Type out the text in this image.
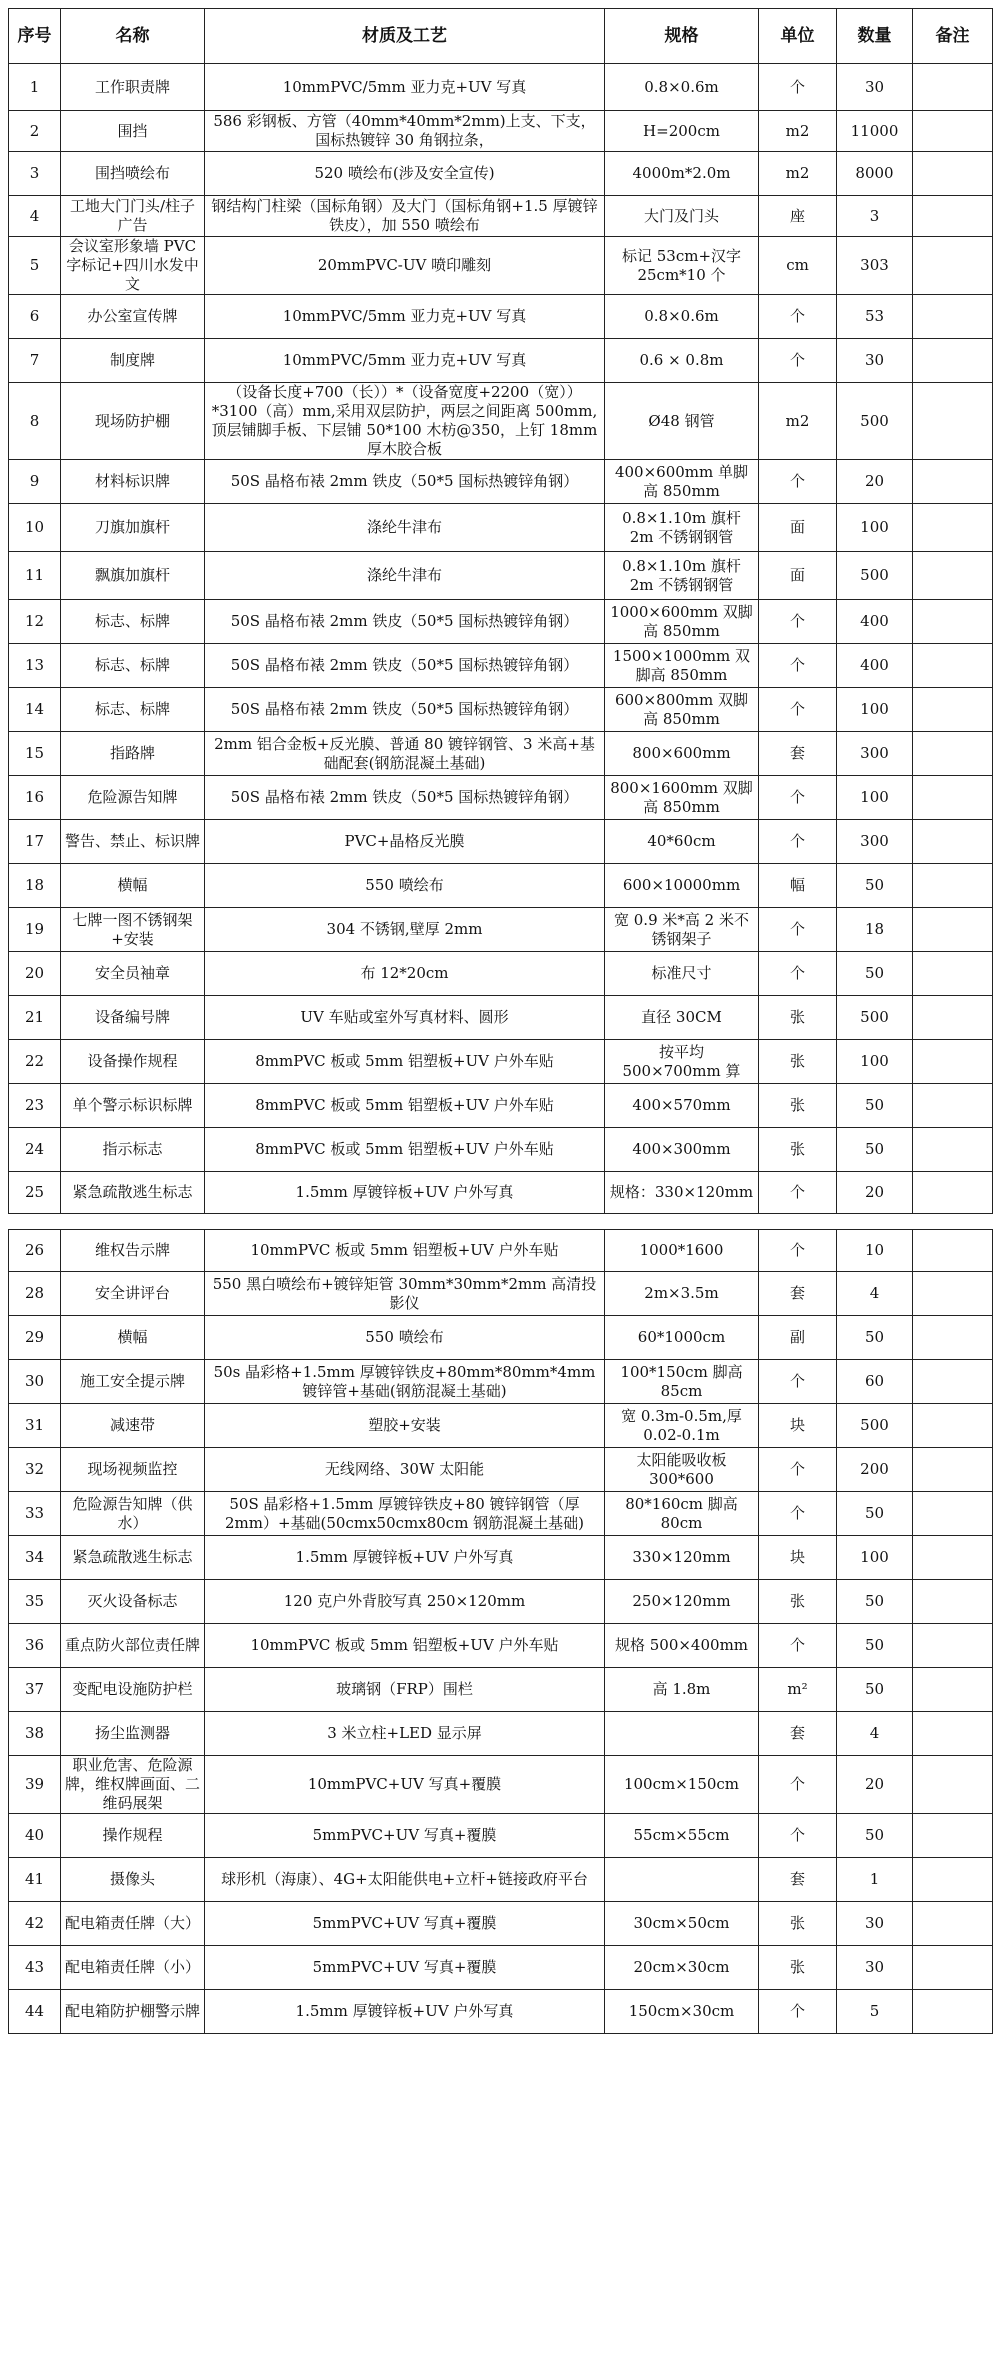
序号	名称	材质及工艺	规格	单位	数量	备注
1	工作职责牌	10mmPVC/5mm 亚力克+UV 写真	0.8×0.6m	个	30	
2	围挡	586 彩钢板、方管（40mm*40mm*2mm)上支、下支，国标热镀锌 30 角钢拉条，	H=200cm	m2	11000	
3	围挡喷绘布	520 喷绘布(涉及安全宣传)	4000m*2.0m	m2	8000	
4	工地大门门头/柱子广告	钢结构门柱梁（国标角钢）及大门（国标角钢+1.5 厚镀锌铁皮），加 550 喷绘布	大门及门头	座	3	
5	会议室形象墙 PVC 字标记+四川水发中文	20mmPVC-UV 喷印雕刻	标记 53cm+汉字 25cm*10 个	cm	303	
6	办公室宣传牌	10mmPVC/5mm 亚力克+UV 写真	0.8×0.6m	个	53	
7	制度牌	10mmPVC/5mm 亚力克+UV 写真	0.6 × 0.8m	个	30	
8	现场防护棚	（设备长度+700（长））*（设备宽度+2200（宽））*3100（高）mm,采用双层防护，两层之间距离 500mm,顶层铺脚手板、下层铺 50*100 木枋@350，上钉 18mm 厚木胶合板	Ø48 钢管	m2	500	
9	材料标识牌	50S 晶格布裱 2mm 铁皮（50*5 国标热镀锌角钢）	400×600mm 单脚高 850mm	个	20	
10	刀旗加旗杆	涤纶牛津布	0.8×1.10m 旗杆 2m 不锈钢钢管	面	100	
11	飘旗加旗杆	涤纶牛津布	0.8×1.10m 旗杆 2m 不锈钢钢管	面	500	
12	标志、标牌	50S 晶格布裱 2mm 铁皮（50*5 国标热镀锌角钢）	1000×600mm 双脚高 850mm	个	400	
13	标志、标牌	50S 晶格布裱 2mm 铁皮（50*5 国标热镀锌角钢）	1500×1000mm 双脚高 850mm	个	400	
14	标志、标牌	50S 晶格布裱 2mm 铁皮（50*5 国标热镀锌角钢）	600×800mm 双脚高 850mm	个	100	
15	指路牌	2mm 铝合金板+反光膜、普通 80 镀锌钢管、3 米高+基础配套(钢筋混凝土基础)	800×600mm	套	300	
16	危险源告知牌	50S 晶格布裱 2mm 铁皮（50*5 国标热镀锌角钢）	800×1600mm 双脚高 850mm	个	100	
17	警告、禁止、标识牌	PVC+晶格反光膜	40*60cm	个	300	
18	横幅	550 喷绘布	600×10000mm	幅	50	
19	七牌一图不锈钢架+安装	304 不锈钢,壁厚 2mm	宽 0.9 米*高 2 米不锈钢架子	个	18	
20	安全员袖章	布 12*20cm	标准尺寸	个	50	
21	设备编号牌	UV 车贴或室外写真材料、圆形	直径 30CM	张	500	
22	设备操作规程	8mmPVC 板或 5mm 铝塑板+UV 户外车贴	按平均 500×700mm 算	张	100	
23	单个警示标识标牌	8mmPVC 板或 5mm 铝塑板+UV 户外车贴	400×570mm	张	50	
24	指示标志	8mmPVC 板或 5mm 铝塑板+UV 户外车贴	400×300mm	张	50	
25	紧急疏散逃生标志	1.5mm 厚镀锌板+UV 户外写真	规格：330×120mm	个	20	
26	维权告示牌	10mmPVC 板或 5mm 铝塑板+UV 户外车贴	1000*1600	个	10	
28	安全讲评台	550 黑白喷绘布+镀锌矩管 30mm*30mm*2mm 高清投影仪	2m×3.5m	套	4	
29	横幅	550 喷绘布	60*1000cm	副	50	
30	施工安全提示牌	50s 晶彩格+1.5mm 厚镀锌铁皮+80mm*80mm*4mm 镀锌管+基础(钢筋混凝土基础)	100*150cm 脚高 85cm	个	60	
31	减速带	塑胶+安装	宽 0.3m-0.5m,厚 0.02-0.1m	块	500	
32	现场视频监控	无线网络、30W 太阳能	太阳能吸收板 300*600	个	200	
33	危险源告知牌（供水）	50S 晶彩格+1.5mm 厚镀锌铁皮+80 镀锌钢管（厚 2mm）+基础(50cmx50cmx80cm 钢筋混凝土基础)	80*160cm 脚高 80cm	个	50	
34	紧急疏散逃生标志	1.5mm 厚镀锌板+UV 户外写真	330×120mm	块	100	
35	灭火设备标志	120 克户外背胶写真 250×120mm	250×120mm	张	50	
36	重点防火部位责任牌	10mmPVC 板或 5mm 铝塑板+UV 户外车贴	规格 500×400mm	个	50	
37	变配电设施防护栏	玻璃钢（FRP）围栏	高 1.8m	m²	50	
38	扬尘监测器	3 米立柱+LED 显示屏		套	4	
39	职业危害、危险源牌，维权牌画面、二维码展架	10mmPVC+UV 写真+覆膜	100cm×150cm	个	20	
40	操作规程	5mmPVC+UV 写真+覆膜	55cm×55cm	个	50	
41	摄像头	球形机（海康）、4G+太阳能供电+立杆+链接政府平台		套	1	
42	配电箱责任牌（大）	5mmPVC+UV 写真+覆膜	30cm×50cm	张	30	
43	配电箱责任牌（小）	5mmPVC+UV 写真+覆膜	20cm×30cm	张	30	
44	配电箱防护棚警示牌	1.5mm 厚镀锌板+UV 户外写真	150cm×30cm	个	5	
